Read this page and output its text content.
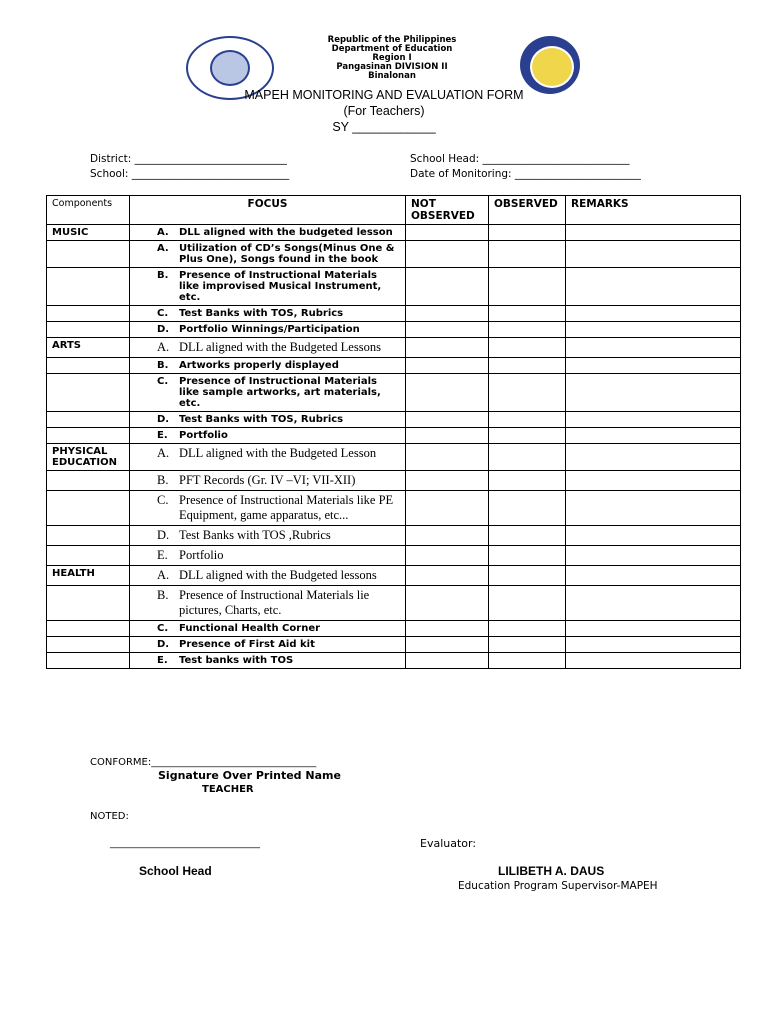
Republic of the Philippines
Department of Education
Region I
Pangasinan DIVISION II
Binalonan
MAPEH MONITORING AND EVALUATION FORM
(For Teachers)
SY ____________
District: _____________________________
School: ______________________________
School Head: ____________________________
Date of Monitoring: ________________________
Components	FOCUS	NOT OBSERVED	OBSERVED	REMARKS
MUSIC	A. DLL aligned with the budgeted lesson			

	A. Utilization of CD’s Songs(Minus One & Plus One), Songs found in the book			

	B. Presence of Instructional Materials like improvised Musical Instrument, etc.			

	C. Test Banks with TOS, Rubrics			

	D. Portfolio Winnings/Participation			

ARTS	A. DLL aligned with the Budgeted Lessons			

	B. Artworks properly displayed			

	C. Presence of Instructional Materials like sample artworks, art materials, etc.			

	D. Test Banks with TOS, Rubrics			

	E. Portfolio			

PHYSICAL EDUCATION	A. DLL aligned with the Budgeted Lesson			

	B. PFT Records (Gr. IV –VI; VII-XII)			

	C. Presence of Instructional Materials like PE Equipment, game apparatus, etc...			

	D. Test Banks with TOS ,Rubrics			

	E. Portfolio			

HEALTH	A. DLL aligned with the Budgeted lessons			

	B. Presence of Instructional Materials lie pictures, Charts, etc.			

	C. Functional Health Corner			

	D. Presence of First Aid kit			

	E. Test banks with TOS			

CONFORME:_________________________________
Signature Over Printed Name
TEACHER
NOTED:
______________________________	Evaluator:
School Head	LILIBETH A. DAUS
Education Program Supervisor-MAPEH
